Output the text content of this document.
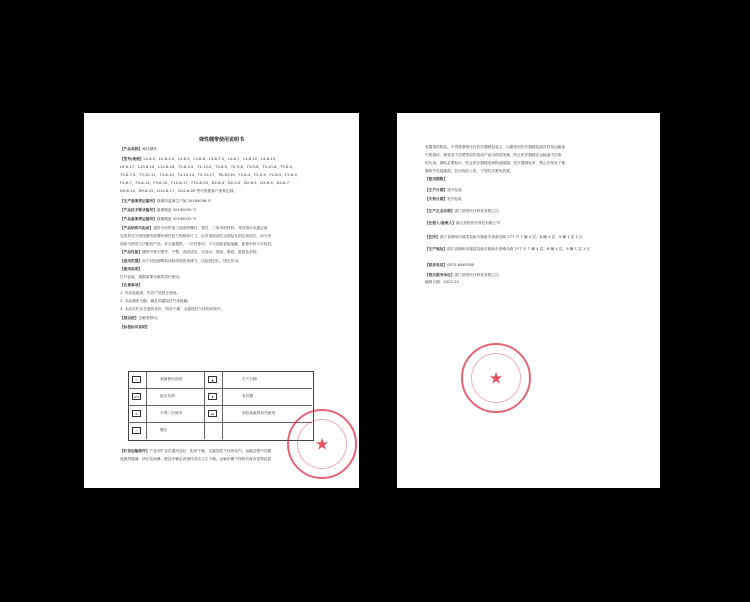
弹性绷带使用说明书
【产品名称】弹性绷带
【型号/规格】L2-6-5、L2-6-2.5、L2-6-3、L3-6-6、L3-6-7.5、L4-6-7、L4-6-10、L4-6-15、
L9-6-17、L10-6-10、L12-6-18、T2-6-2.5、T1-10-2、T2-6-5、T2-9-8、T3-9-8、T3-10-8、T3-6-5、
T3-6-7.5、T3-10-11、T4-6-10、T4-10-14、T5-10-17、T6-10-20、F2-6-4、F2-5-5、F2-6-5、F3-6-5、
F4-6-7、F5-6-14、F9-6-15、F10-6-17、F12-6-20、D2-6-4、D2-5-5、D2-6-5、D3-6-5、D4-6-7、
D5-6-14、D9-6-15、D10-6-17、D12-6-20 等可根据客户需要定制。
【生产备案凭证编号】浙湖药监械生产备 20190036 号
【产品技术要求编号】浙湖械备 20190035 号
【产品备案凭证编号】浙湖械备 20190035 号
【产品结构与组成】通常为织带加工面或跨螺纹、背衬、三角巾的材料，具有绕可以通过裁
孔的形式分别按照所需要的弹性张力规格和尺寸，以对创面部位全面包扎固定和部位。部分采
用卧与使用方法配套产品，非无菌提供，一次性使用，不与创面直接接触，距使用时方可拆封。
【产品性能】绷带外观平整齐，干整，表面清洁，无油污、斑痕、断裂、破损及杂物。
【适用范围】用于对创面敷料或肢体提供束缚力，以起到包扎、固定作用。
【使用说明】
打开包装，根据需要对绑带进行使用。
【注意事项】
1. 内包装破损，失效产品禁止使用。
2. 本品避免与酸、碱及高腐蚀性气体接触。
3. 本品应贮存在通风良好、阴凉干燥、无腐蚀性气体的环境中。
【禁忌症】过敏者禁用。
【标签标识说明】
i	查阅使用说明	▲	生产日期
LOT	批次代码	⧗	有效期
⊘	不得二次使用	⊠	如包装破损切勿使用
△	警告
【贮存运输条件】产品应贮存在通风良好、阴凉干燥、无腐蚀性气体的室内，运输过程中应避
免剧烈碰撞、挤压及雨淋；配送车辆必须保持清洁卫生干燥，运输车辆不得和有毒有害物品混
★
有腐蚀的物品。不得将重物压在医疗器械包装上，以避免因医疗器械包装材料及运输途
中的损坏、紧张或不清楚等原因造成产品污损或受潮，防止医疗器械在运输途中沾染
的污染。紧贴必要标识，防止医疗器械受到物品碰撞，医疗器械轻拿、禁止在阳光下暴
露和外包装破损，若出现应上报，下型时应避免放置。
【使用期限】
【生产日期】见外包装
【失效日期】见外包装
【生产企业名称】浙江凯特医疗科技有限公司
【注册人/备案人】浙江凯特医疗科技有限公司
【住所】浙江省湖州市德清县新市镇新市蚕桑岛路 277 号 7 幢 4 层、8 幢 4 层、9 幢 1 层 1 区
【生产地址】浙江省湖州市德清县新市镇新市蚕桑岛路 277 号 7 幢 4 层、8 幢 4 层、9 幢 1 层 1 区
【联系电话】0572-8467000
【售后服务单位】浙江凯特医疗科技有限公司
编制日期：2022-12
★
